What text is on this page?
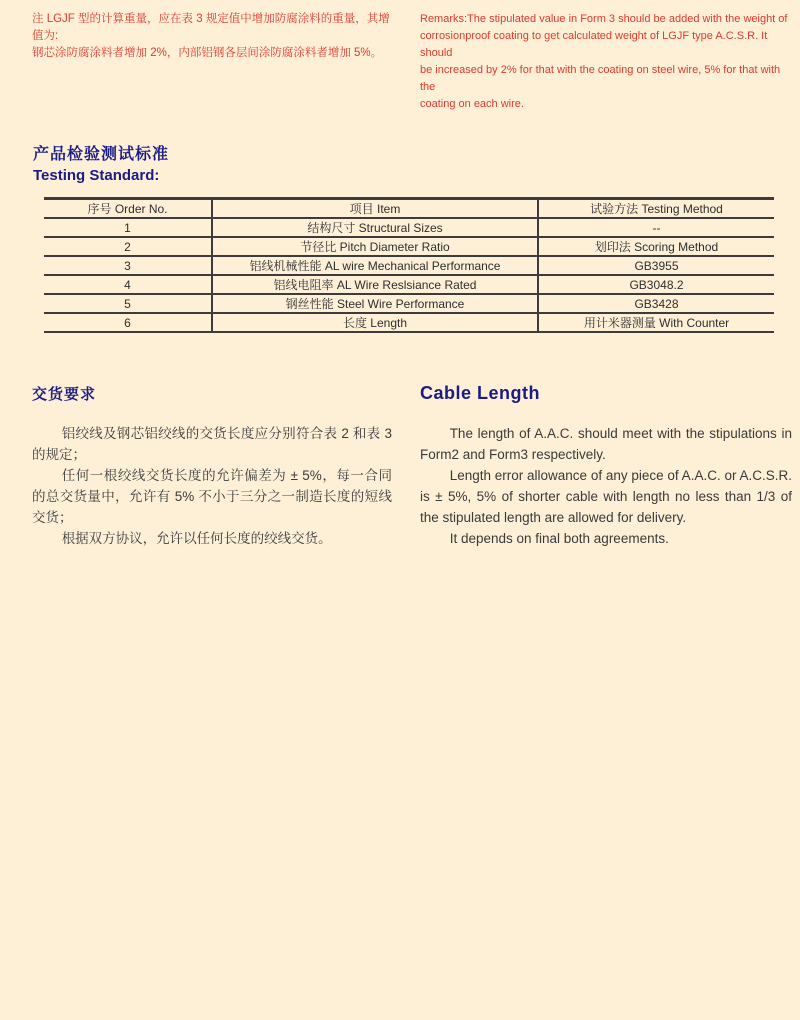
注 LGJF 型的计算重量，应在表 3 规定值中增加防腐涂料的重量，其增值为:
钢芯涂防腐涂料者增加 2%，内部铝钢各层间涂防腐涂料者增加 5%。
Remarks:The stipulated value in Form 3 should be added with the weight of
corrosionproof coating to get calculated weight of LGJF type A.C.S.R. It should
be increased by 2% for that with the coating on steel wire, 5% for that with the
coating on each wire.
产品检验测试标准
Testing Standard:
序号 Order No.	项目 Item	试验方法 Testing Method
1	结构尺寸 Structural Sizes	--
2	节径比 Pitch Diameter Ratio	划印法 Scoring Method
3	铝线机械性能 AL wire Mechanical Performance	GB3955
4	铝线电阻率 AL Wire Reslsiance Rated	GB3048.2
5	钢丝性能 Steel Wire Performance	GB3428
6	长度 Length	用计米器测量 With Counter
交货要求

铝绞线及钢芯铝绞线的交货长度应分别符合表 2 和表 3 的规定；

任何一根绞线交货长度的允许偏差为 ± 5%，每一合同的总交货量中，允许有 5% 不小于三分之一制造长度的短线交货；

根据双方协议，允许以任何长度的绞线交货。

Cable Length

The length of A.A.C. should meet with the stipulations in Form2 and Form3 respectively.

Length error allowance of any piece of A.A.C. or A.C.S.R. is ± 5%, 5% of shorter cable with length no less than 1/3 of the stipulated length are allowed for delivery.

It depends on final both agreements.
